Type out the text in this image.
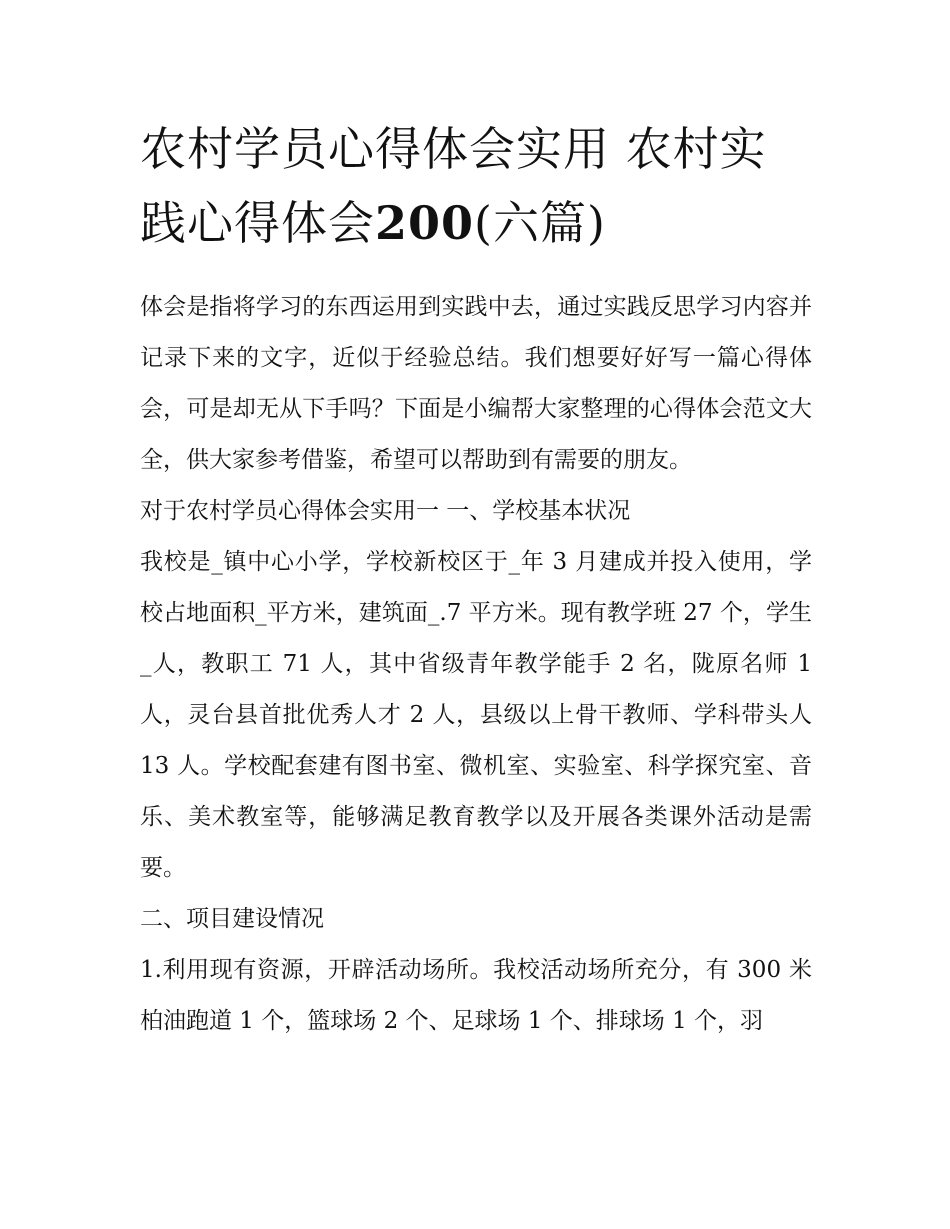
农村学员心得体会实用 农村实践心得体会200(六篇)

体会是指将学习的东西运用到实践中去，通过实践反思学习内容并记录下来的文字，近似于经验总结。我们想要好好写一篇心得体会，可是却无从下手吗？下面是小编帮大家整理的心得体会范文大全，供大家参考借鉴，希望可以帮助到有需要的朋友。

对于农村学员心得体会实用一 一、学校基本状况

我校是_镇中心小学，学校新校区于_年 3 月建成并投入使用，学校占地面积_平方米，建筑面_.7 平方米。现有教学班 27 个，学生_人，教职工 71 人，其中省级青年教学能手 2 名，陇原名师 1 人，灵台县首批优秀人才 2 人，县级以上骨干教师、学科带头人 13 人。学校配套建有图书室、微机室、实验室、科学探究室、音乐、美术教室等，能够满足教育教学以及开展各类课外活动是需要。

二、项目建设情况

1.利用现有资源，开辟活动场所。我校活动场所充分，有 300 米柏油跑道 1 个，篮球场 2 个、足球场 1 个、排球场 1 个，羽
